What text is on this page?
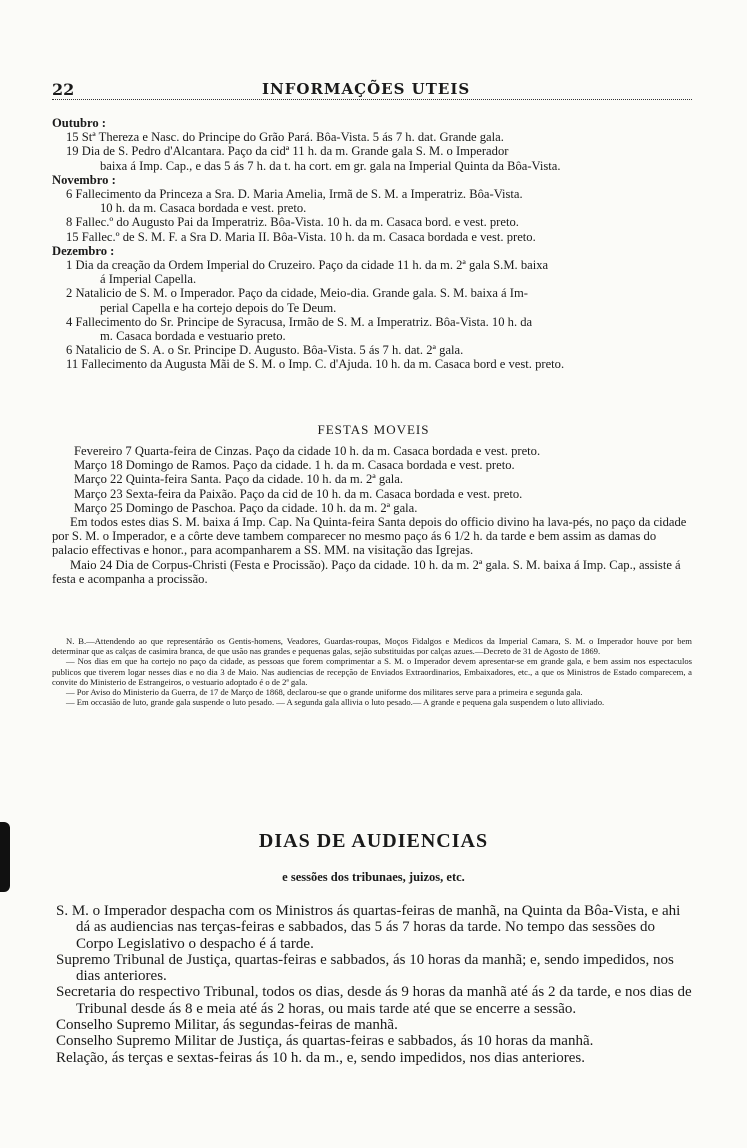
22	INFORMAÇÕES UTEIS
Outubro :
15 Stª Thereza e Nasc. do Principe do Grão Pará. Bôa-Vista. 5 ás 7 h. dat. Grande gala.
19 Dia de S. Pedro d'Alcantara. Paço da cidª 11 h. da m. Grande gala S. M. o Imperador
baixa á Imp. Cap., e das 5 ás 7 h. da t. ha cort. em gr. gala na Imperial Quinta da Bôa-Vista.
Novembro :
6 Fallecimento da Princeza a Sra. D. Maria Amelia, Irmã de S. M. a Imperatriz. Bôa-Vista.
10 h. da m. Casaca bordada e vest. preto.
8 Fallec.º do Augusto Pai da Imperatriz. Bôa-Vista. 10 h. da m. Casaca bord. e vest. preto.
15 Fallec.º de S. M. F. a Sra D. Maria II. Bôa-Vista. 10 h. da m. Casaca bordada e vest. preto.
Dezembro :
1 Dia da creação da Ordem Imperial do Cruzeiro. Paço da cidade 11 h. da m. 2ª gala S.M. baixa
á Imperial Capella.
2 Natalicio de S. M. o Imperador. Paço da cidade, Meio-dia. Grande gala. S. M. baixa á Im-
perial Capella e ha cortejo depois do Te Deum.
4 Fallecimento do Sr. Principe de Syracusa, Irmão de S. M. a Imperatriz. Bôa-Vista. 10 h. da
m. Casaca bordada e vestuario preto.
6 Natalicio de S. A. o Sr. Principe D. Augusto. Bôa-Vista. 5 ás 7 h. dat. 2ª gala.
11 Fallecimento da Augusta Mãi de S. M. o Imp. C. d'Ajuda. 10 h. da m. Casaca bord e vest. preto.
FESTAS MOVEIS
Fevereiro 7 Quarta-feira de Cinzas. Paço da cidade 10 h. da m. Casaca bordada e vest. preto.
Março 18 Domingo de Ramos. Paço da cidade. 1 h. da m. Casaca bordada e vest. preto.
Março 22 Quinta-feira Santa. Paço da cidade. 10 h. da m. 2ª gala.
Março 23 Sexta-feira da Paixão. Paço da cid de 10 h. da m. Casaca bordada e vest. preto.
Março 25 Domingo de Paschoa. Paço da cidade. 10 h. da m. 2ª gala.
Em todos estes dias S. M. baixa á Imp. Cap. Na Quinta-feira Santa depois do officio divino ha lava-pés, no paço da cidade por S. M. o Imperador, e a côrte deve tambem comparecer no mesmo paço ás 6 1/2 h. da tarde e bem assim as damas do palacio effectivas e honor., para acompanharem a SS. MM. na visitação das Igrejas.
Maio 24 Dia de Corpus-Christi (Festa e Procissão). Paço da cidade. 10 h. da m. 2ª gala. S. M. baixa á Imp. Cap., assiste á festa e acompanha a procissão.
N. B.—Attendendo ao que representárão os Gentis-homens, Veadores, Guardas-roupas, Moços Fidalgos e Medicos da Imperial Camara, S. M. o Imperador houve por bem determinar que as calças de casimira branca, de que usão nas grandes e pequenas galas, sejão substituidas por calças azues.—Decreto de 31 de Agosto de 1869.
— Nos dias em que ha cortejo no paço da cidade, as pessoas que forem comprimentar a S. M. o Imperador devem apresentar-se em grande gala, e bem assim nos espectaculos publicos que tiverem logar nesses dias e no dia 3 de Maio. Nas audiencias de recepção de Enviados Extraordinarios, Embaixadores, etc., a que os Ministros de Estado comparecem, a convite do Ministerio de Estrangeiros, o vestuario adoptado é o de 2ª gala.
— Por Aviso do Ministerio da Guerra, de 17 de Março de 1868, declarou-se que o grande uniforme dos militares serve para a primeira e segunda gala.
— Em occasião de luto, grande gala suspende o luto pesado. — A segunda gala allivia o luto pesado.— A grande e pequena gala suspendem o luto alliviado.
DIAS DE AUDIENCIAS
e sessões dos tribunaes, juizos, etc.
S. M. o Imperador despacha com os Ministros ás quartas-feiras de manhã, na Quinta da Bôa-Vista, e ahi dá as audiencias nas terças-feiras e sabbados, das 5 ás 7 horas da tarde. No tempo das sessões do Corpo Legislativo o despacho é á tarde.
Supremo Tribunal de Justiça, quartas-feiras e sabbados, ás 10 horas da manhã; e, sendo impedidos, nos dias anteriores.
Secretaria do respectivo Tribunal, todos os dias, desde ás 9 horas da manhã até ás 2 da tarde, e nos dias de Tribunal desde ás 8 e meia até ás 2 horas, ou mais tarde até que se encerre a sessão.
Conselho Supremo Militar, ás segundas-feiras de manhã.
Conselho Supremo Militar de Justiça, ás quartas-feiras e sabbados, ás 10 horas da manhã.
Relação, ás terças e sextas-feiras ás 10 h. da m., e, sendo impedidos, nos dias anteriores.
